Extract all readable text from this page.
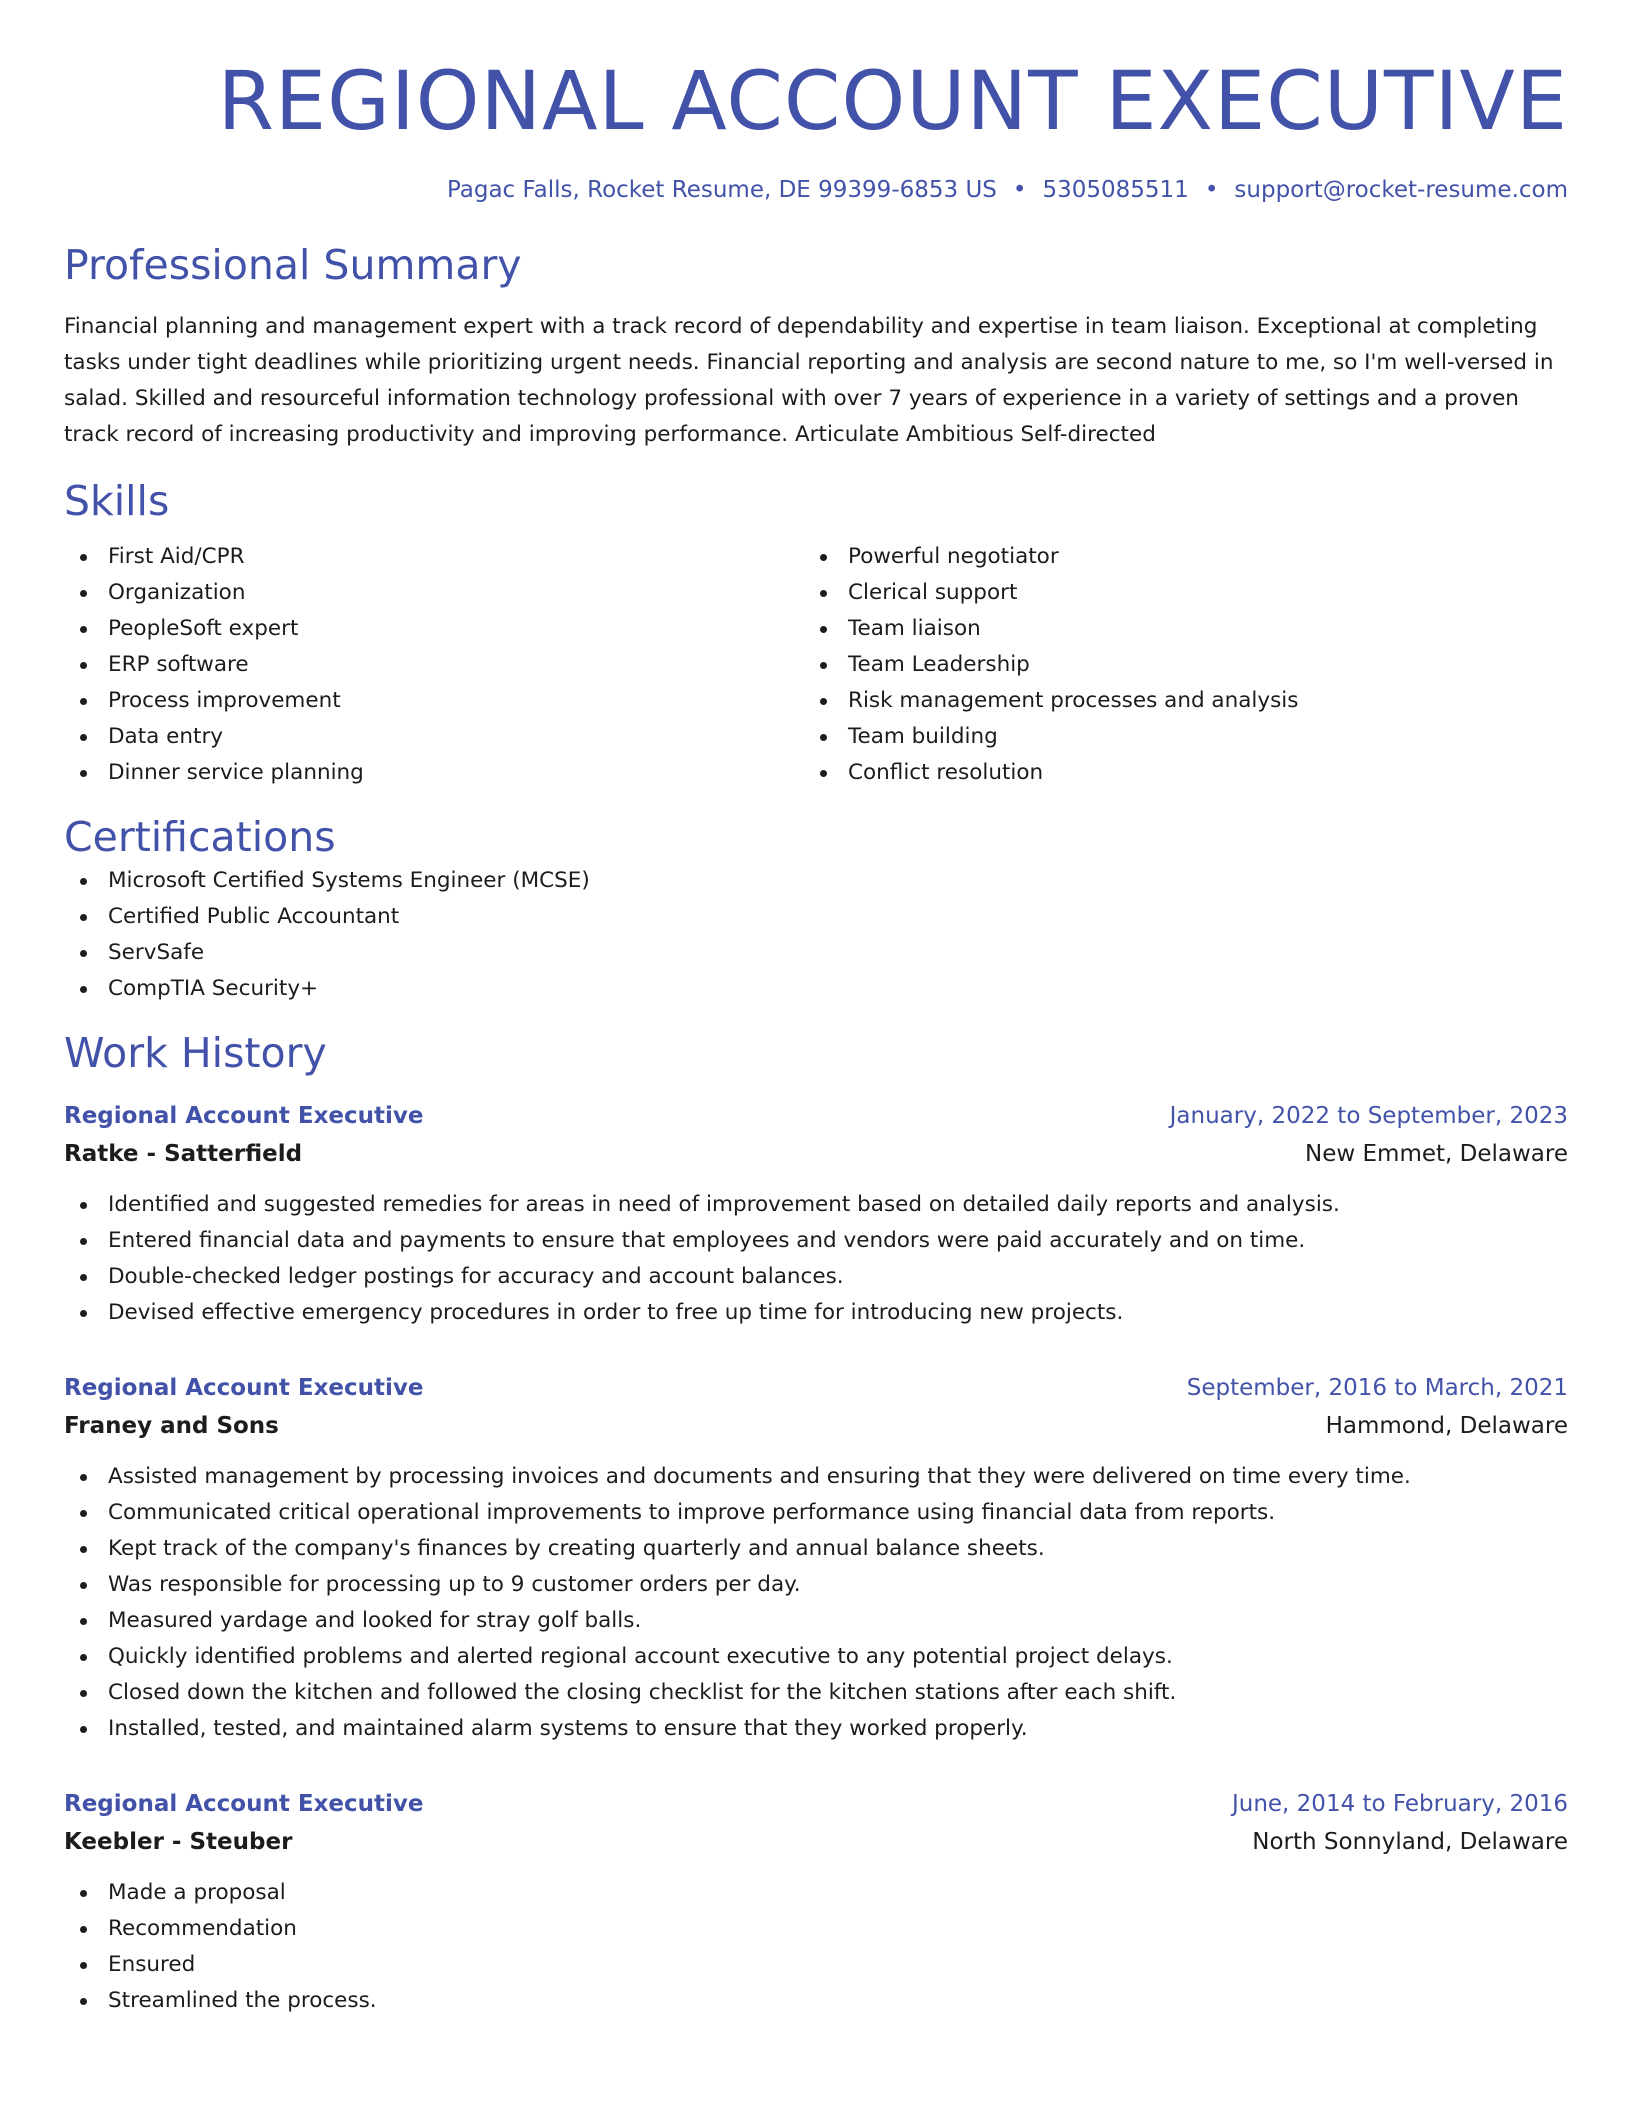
REGIONAL ACCOUNT EXECUTIVE
Pagac Falls, Rocket Resume, DE 99399-6853 US • 5305085511 • support@rocket-resume.com
Professional Summary
Financial planning and management expert with a track record of dependability and expertise in team liaison. Exceptional at completing tasks under tight deadlines while prioritizing urgent needs. Financial reporting and analysis are second nature to me, so I'm well-versed in salad. Skilled and resourceful information technology professional with over 7 years of experience in a variety of settings and a proven track record of increasing productivity and improving performance. Articulate Ambitious Self-directed
Skills
First Aid/CPR
Organization
PeopleSoft expert
ERP software
Process improvement
Data entry
Dinner service planning
Powerful negotiator
Clerical support
Team liaison
Team Leadership
Risk management processes and analysis
Team building
Conflict resolution
Certifications
Microsoft Certified Systems Engineer (MCSE)
Certified Public Accountant
ServSafe
CompTIA Security+
Work History
Regional Account Executive	January, 2022 to September, 2023
Ratke - Satterfield	New Emmet, Delaware
Identified and suggested remedies for areas in need of improvement based on detailed daily reports and analysis.
Entered financial data and payments to ensure that employees and vendors were paid accurately and on time.
Double-checked ledger postings for accuracy and account balances.
Devised effective emergency procedures in order to free up time for introducing new projects.
Regional Account Executive	September, 2016 to March, 2021
Franey and Sons	Hammond, Delaware
Assisted management by processing invoices and documents and ensuring that they were delivered on time every time.
Communicated critical operational improvements to improve performance using financial data from reports.
Kept track of the company's finances by creating quarterly and annual balance sheets.
Was responsible for processing up to 9 customer orders per day.
Measured yardage and looked for stray golf balls.
Quickly identified problems and alerted regional account executive to any potential project delays.
Closed down the kitchen and followed the closing checklist for the kitchen stations after each shift.
Installed, tested, and maintained alarm systems to ensure that they worked properly.
Regional Account Executive	June, 2014 to February, 2016
Keebler - Steuber	North Sonnyland, Delaware
Made a proposal
Recommendation
Ensured
Streamlined the process.
